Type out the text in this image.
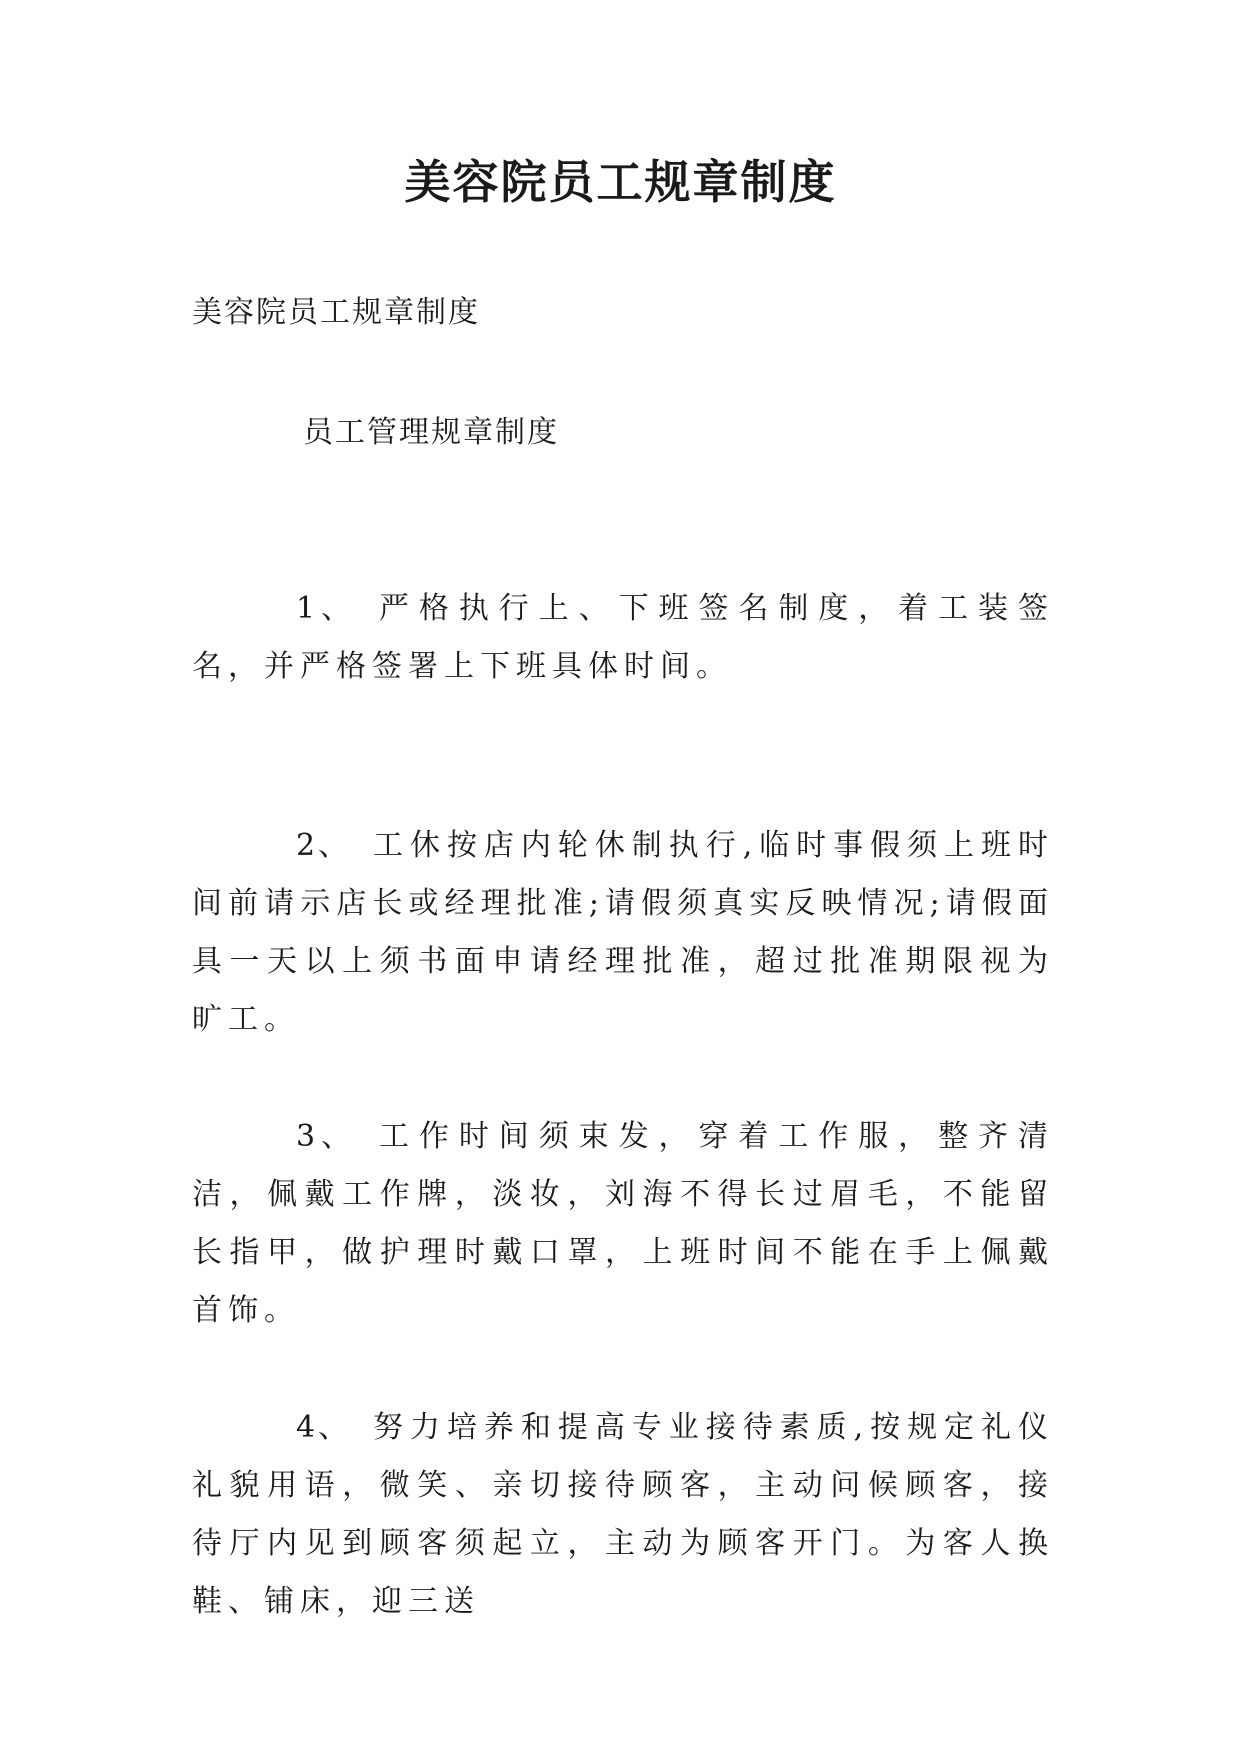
美容院员工规章制度
美容院员工规章制度
员工管理规章制度

1、 严格执行上、下班签名制度，着工装签名，并严格签署上下班具体时间。

2、 工休按店内轮休制执行,临时事假须上班时间前请示店长或经理批准;请假须真实反映情况;请假面具一天以上须书面申请经理批准，超过批准期限视为旷工。

3、 工作时间须束发，穿着工作服，整齐清洁，佩戴工作牌，淡妆，刘海不得长过眉毛，不能留长指甲，做护理时戴口罩，上班时间不能在手上佩戴首饰。

4、 努力培养和提高专业接待素质,按规定礼仪礼貌用语，微笑、亲切接待顾客，主动问候顾客，接待厅内见到顾客须起立，主动为顾客开门。为客人换鞋、铺床，迎三送
